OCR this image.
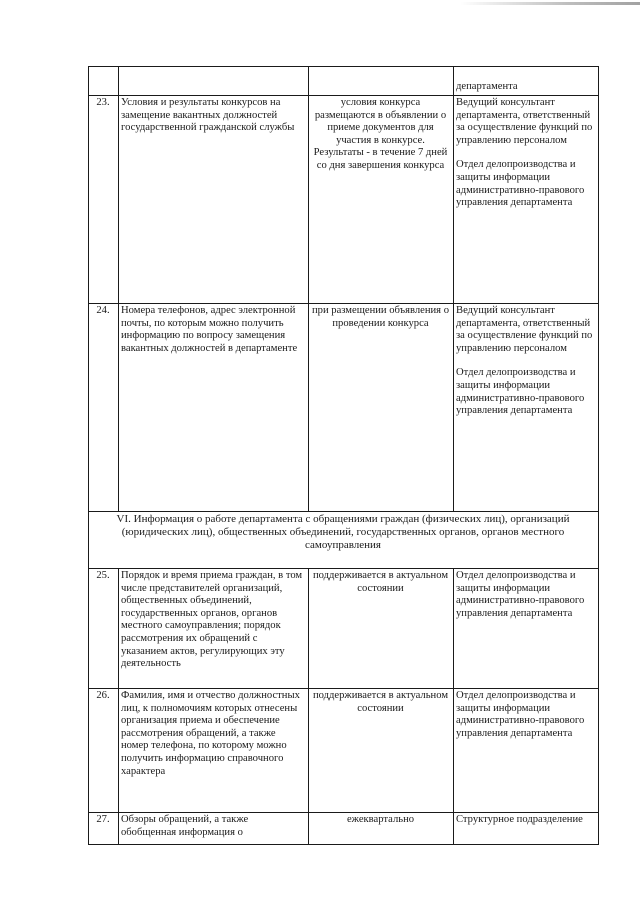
			департамента

23.	Условия и результаты конкурсов на замещение вакантных должностей государственной гражданской службы	условия конкурса размещаются в объявлении о приеме документов для участия в конкурсе. Результаты - в течение 7 дней со дня завершения конкурса	Ведущий консультант департамента, ответственный за осуществление функций по управлению персоналом
Отдел делопроизводства и защиты информации административно-правового управления департамента

24.	Номера телефонов, адрес электронной почты, по которым можно получить информацию по вопросу замещения вакантных должностей в департаменте	при размещении объявления о проведении конкурса	Ведущий консультант департамента, ответственный за осуществление функций по управлению персоналом
Отдел делопроизводства и защиты информации административно-правового управления департамента

VI. Информация о работе департамента с обращениями граждан (физических лиц), организаций (юридических лиц), общественных объединений, государственных органов, органов местного самоуправления			
25.	Порядок и время приема граждан, в том числе представителей организаций, общественных объединений, государственных органов, органов местного самоуправления; порядок рассмотрения их обращений с указанием актов, регулирующих эту деятельность	поддерживается в актуальном состоянии	Отдел делопроизводства и защиты информации административно-правового управления департамента

26.	Фамилия, имя и отчество должностных лиц, к полномочиям которых отнесены организация приема и обеспечение рассмотрения обращений, а также номер телефона, по которому можно получить информацию справочного характера	поддерживается в актуальном состоянии	Отдел делопроизводства и защиты информации административно-правового управления департамента

27.	Обзоры обращений, а также обобщенная информация о	ежеквартально	Структурное подразделение
